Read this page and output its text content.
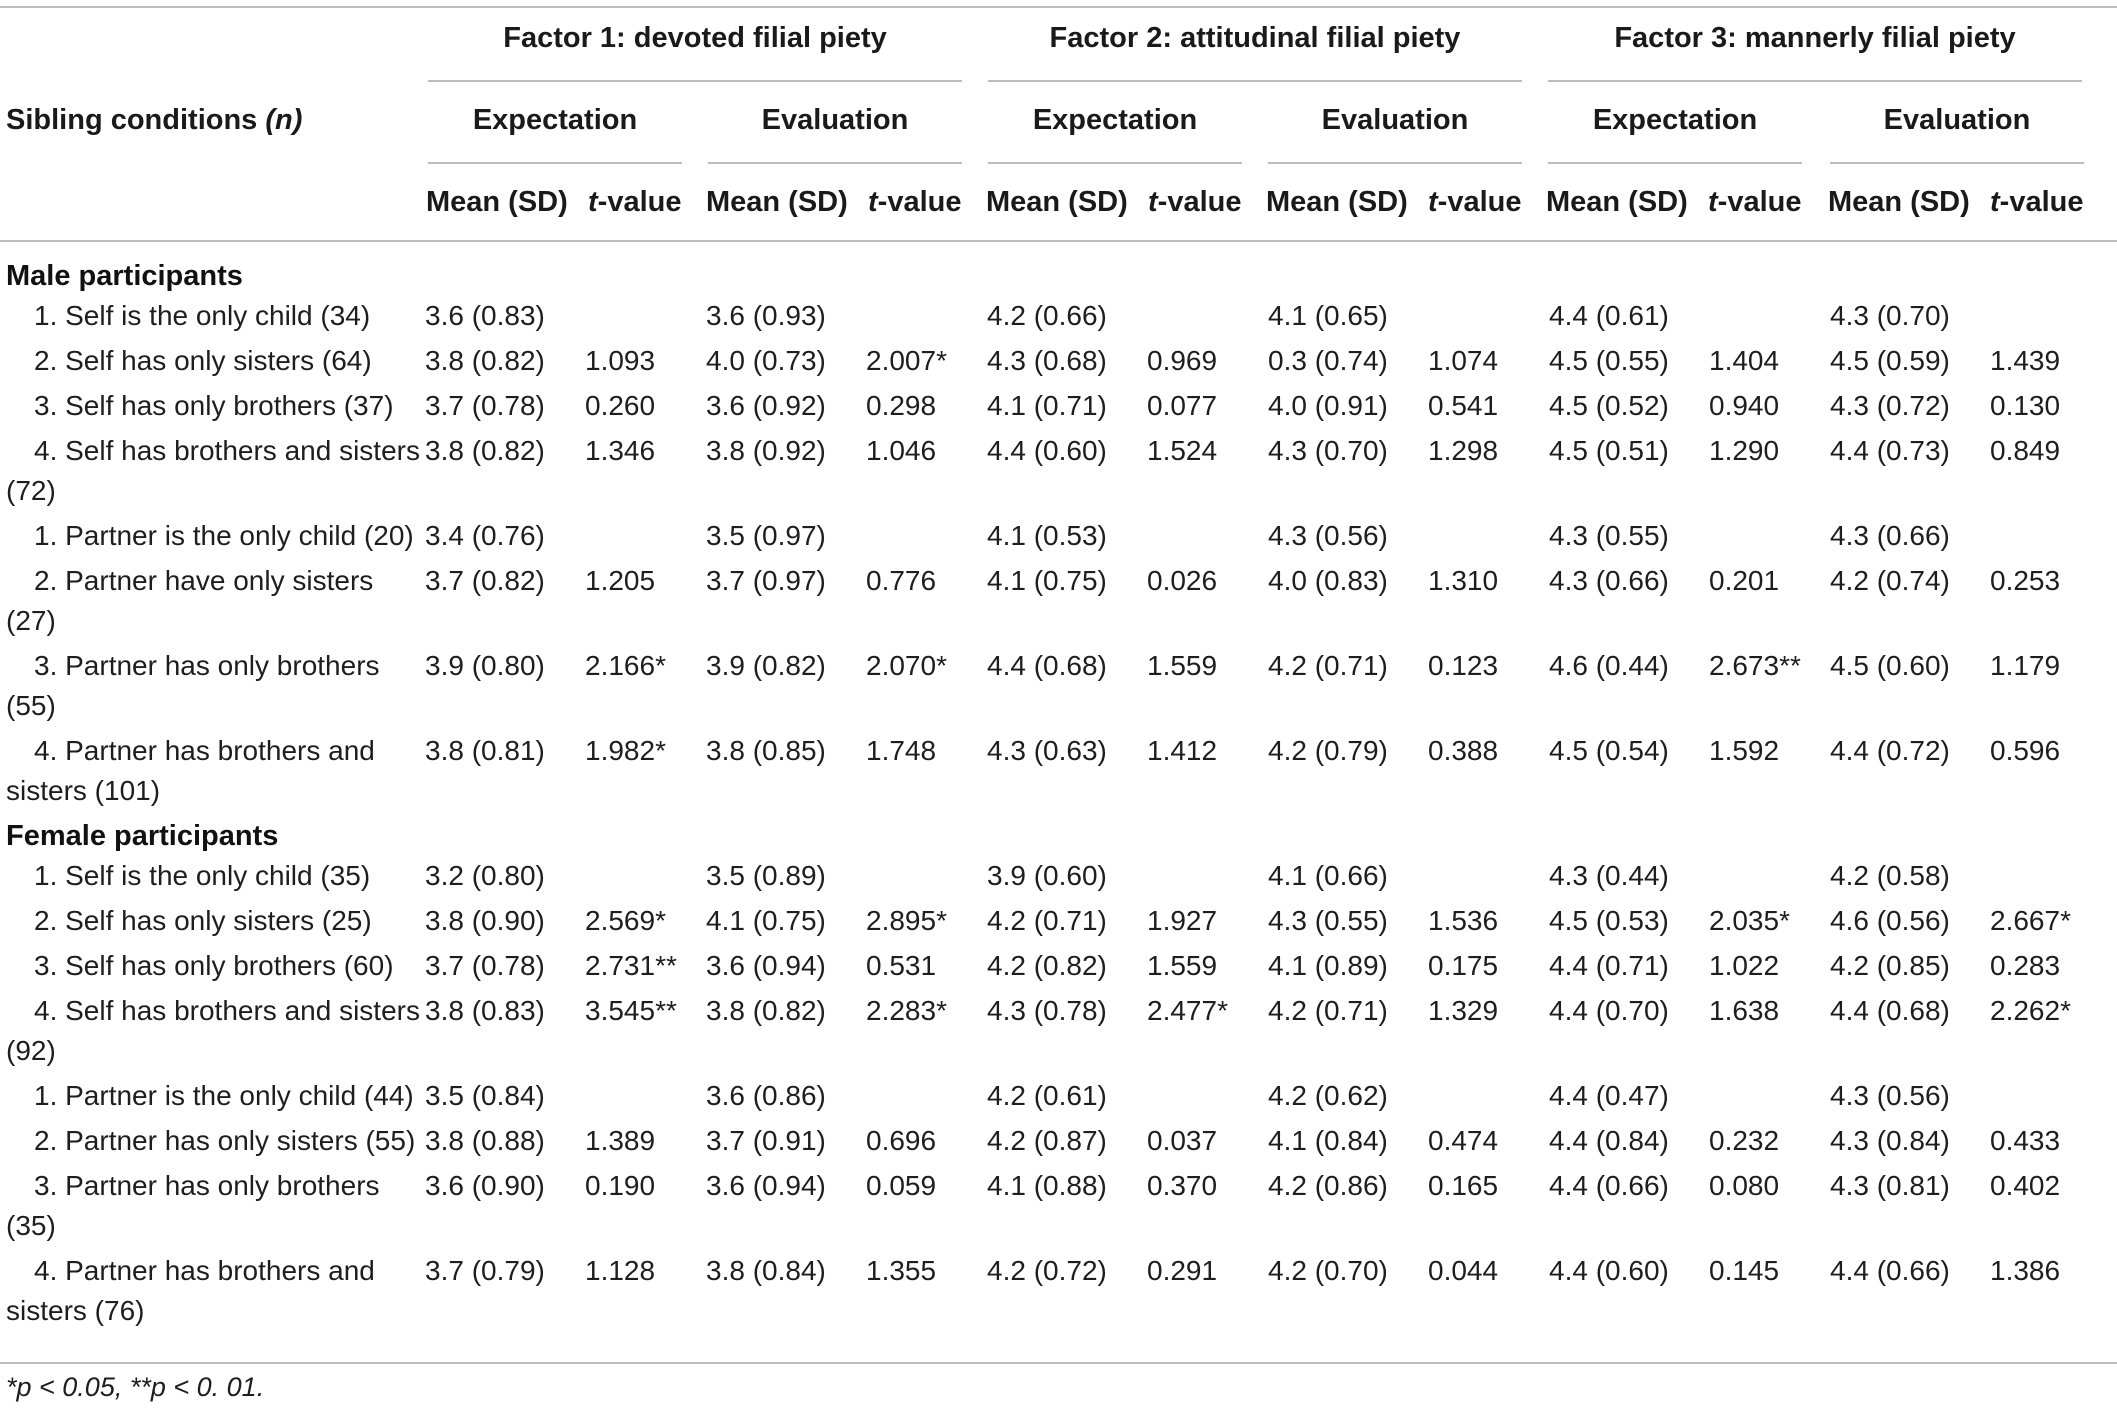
Sibling conditions (n)
Factor 1: devoted filial piety	Factor 2: attitudinal filial piety	Factor 3: mannerly filial piety
Expectation	Evaluation	Expectation	Evaluation	Expectation	Evaluation
Mean (SD) t-value Mean (SD) t-value Mean (SD) t-value Mean (SD) t-value Mean (SD) t-value Mean (SD) t-value
Male participants												
1. Self is the only child (34)	3.6 (0.83)		3.6 (0.93)		4.2 (0.66)		4.1 (0.65)		4.4 (0.61)		4.3 (0.70)	
2. Self has only sisters (64)	3.8 (0.82)	1.093	4.0 (0.73)	2.007*	4.3 (0.68)	0.969	0.3 (0.74)	1.074	4.5 (0.55)	1.404	4.5 (0.59)	1.439
3. Self has only brothers (37)	3.7 (0.78)	0.260	3.6 (0.92)	0.298	4.1 (0.71)	0.077	4.0 (0.91)	0.541	4.5 (0.52)	0.940	4.3 (0.72)	0.130
4. Self has brothers and sisters (72)	3.8 (0.82)	1.346	3.8 (0.92)	1.046	4.4 (0.60)	1.524	4.3 (0.70)	1.298	4.5 (0.51)	1.290	4.4 (0.73)	0.849
1. Partner is the only child (20)	3.4 (0.76)		3.5 (0.97)		4.1 (0.53)		4.3 (0.56)		4.3 (0.55)		4.3 (0.66)	
2. Partner have only sisters (27)	3.7 (0.82)	1.205	3.7 (0.97)	0.776	4.1 (0.75)	0.026	4.0 (0.83)	1.310	4.3 (0.66)	0.201	4.2 (0.74)	0.253
3. Partner has only brothers (55)	3.9 (0.80)	2.166*	3.9 (0.82)	2.070*	4.4 (0.68)	1.559	4.2 (0.71)	0.123	4.6 (0.44)	2.673**	4.5 (0.60)	1.179
4. Partner has brothers and sisters (101)	3.8 (0.81)	1.982*	3.8 (0.85)	1.748	4.3 (0.63)	1.412	4.2 (0.79)	0.388	4.5 (0.54)	1.592	4.4 (0.72)	0.596
Female participants												
1. Self is the only child (35)	3.2 (0.80)		3.5 (0.89)		3.9 (0.60)		4.1 (0.66)		4.3 (0.44)		4.2 (0.58)	
2. Self has only sisters (25)	3.8 (0.90)	2.569*	4.1 (0.75)	2.895*	4.2 (0.71)	1.927	4.3 (0.55)	1.536	4.5 (0.53)	2.035*	4.6 (0.56)	2.667*
3. Self has only brothers (60)	3.7 (0.78)	2.731**	3.6 (0.94)	0.531	4.2 (0.82)	1.559	4.1 (0.89)	0.175	4.4 (0.71)	1.022	4.2 (0.85)	0.283
4. Self has brothers and sisters (92)	3.8 (0.83)	3.545**	3.8 (0.82)	2.283*	4.3 (0.78)	2.477*	4.2 (0.71)	1.329	4.4 (0.70)	1.638	4.4 (0.68)	2.262*
1. Partner is the only child (44)	3.5 (0.84)		3.6 (0.86)		4.2 (0.61)		4.2 (0.62)		4.4 (0.47)		4.3 (0.56)	
2. Partner has only sisters (55)	3.8 (0.88)	1.389	3.7 (0.91)	0.696	4.2 (0.87)	0.037	4.1 (0.84)	0.474	4.4 (0.84)	0.232	4.3 (0.84)	0.433
3. Partner has only brothers (35)	3.6 (0.90)	0.190	3.6 (0.94)	0.059	4.1 (0.88)	0.370	4.2 (0.86)	0.165	4.4 (0.66)	0.080	4.3 (0.81)	0.402
4. Partner has brothers and sisters (76)	3.7 (0.79)	1.128	3.8 (0.84)	1.355	4.2 (0.72)	0.291	4.2 (0.70)	0.044	4.4 (0.60)	0.145	4.4 (0.66)	1.386
*p < 0.05, **p < 0. 01.
